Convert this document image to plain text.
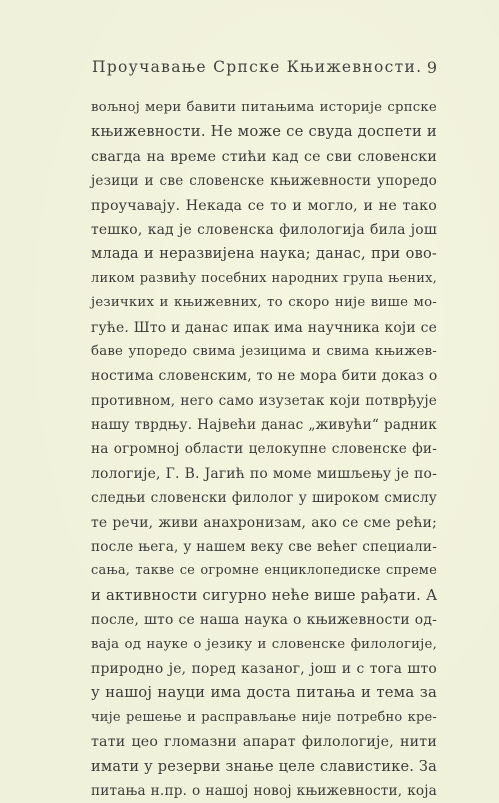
Проучавање Српске Књижевности. 9
вољној мери бавити питањима историје српске
књижевности. Не може се свуда доспети и
свагда на време стићи кад се сви словенски
језици и све словенске књижевности упоредо
проучавају. Некада се то и могло, и не тако
тешко, кад је словенска филологија била још
млада и неразвијена наука; данас, при ово-
ликом развићу посебних народних група њених,
језичких и књижевних, то скоро није више мо-
гуће. Што и данас ипак има научника који се
баве упоредо свима језицима и свима књижев-
ностима словенским, то не мора бити доказ о
противном, него само изузетак који потврђује
нашу тврдњу. Највећи данас „живући“ радник
на огромној области целокупне словенске фи-
лологије, Г. В. Јагић по моме мишљењу је по-
следњи словенски филолог у широком смислу
те речи, живи анахронизам, ако се сме рећи;
после њега, у нашем веку све већег специали-
сања, такве се огромне енциклопедиске спреме
и активности сигурно неће више рађати. А
после, што се наша наука о књижевности од-
ваја од науке о језику и словенске филологије,
природно је, поред казаног, још и с тога што
у нашој науци има доста питања и тема за
чије решење и расправљање није потребно кре-
тати цео гломазни апарат филологије, нити
имати у резерви знање целе славистике. За
питања н.пр. о нашој новој књижевности, која
